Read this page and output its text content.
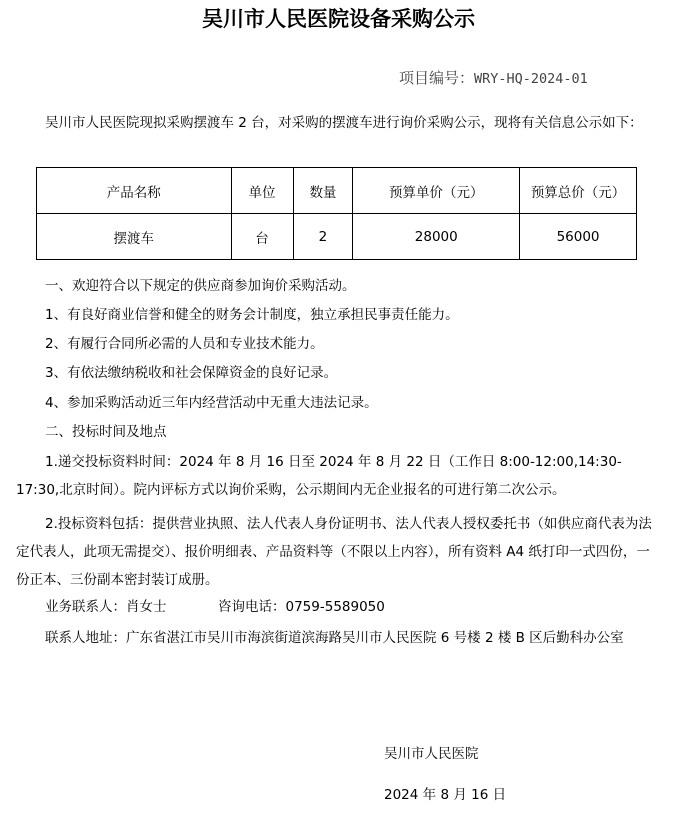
吴川市人民医院设备采购公示
项目编号：WRY-HQ-2024-01
吴川市人民医院现拟采购摆渡车 2 台，对采购的摆渡车进行询价采购公示，现将有关信息公示如下：
产品名称	单位	数量	预算单价（元）	预算总价（元）
摆渡车	台	2	28000	56000
一、欢迎符合以下规定的供应商参加询价采购活动。
1、有良好商业信誉和健全的财务会计制度，独立承担民事责任能力。
2、有履行合同所必需的人员和专业技术能力。
3、有依法缴纳税收和社会保障资金的良好记录。
4、参加采购活动近三年内经营活动中无重大违法记录。
二、投标时间及地点
1.递交投标资料时间：2024 年 8 月 16 日至 2024 年 8 月 22 日（工作日 8:00-12:00,14:30-17:30,北京时间）。院内评标方式以询价采购，公示期间内无企业报名的可进行第二次公示。
2.投标资料包括：提供营业执照、法人代表人身份证明书、法人代表人授权委托书（如供应商代表为法定代表人，此项无需提交）、报价明细表、产品资料等（不限以上内容），所有资料 A4 纸打印一式四份，一份正本、三份副本密封装订成册。
业务联系人：肖女士	咨询电话：0759-5589050
联系人地址：广东省湛江市吴川市海滨街道滨海路吴川市人民医院 6 号楼 2 楼 B 区后勤科办公室
吴川市人民医院
2024 年 8 月 16 日
